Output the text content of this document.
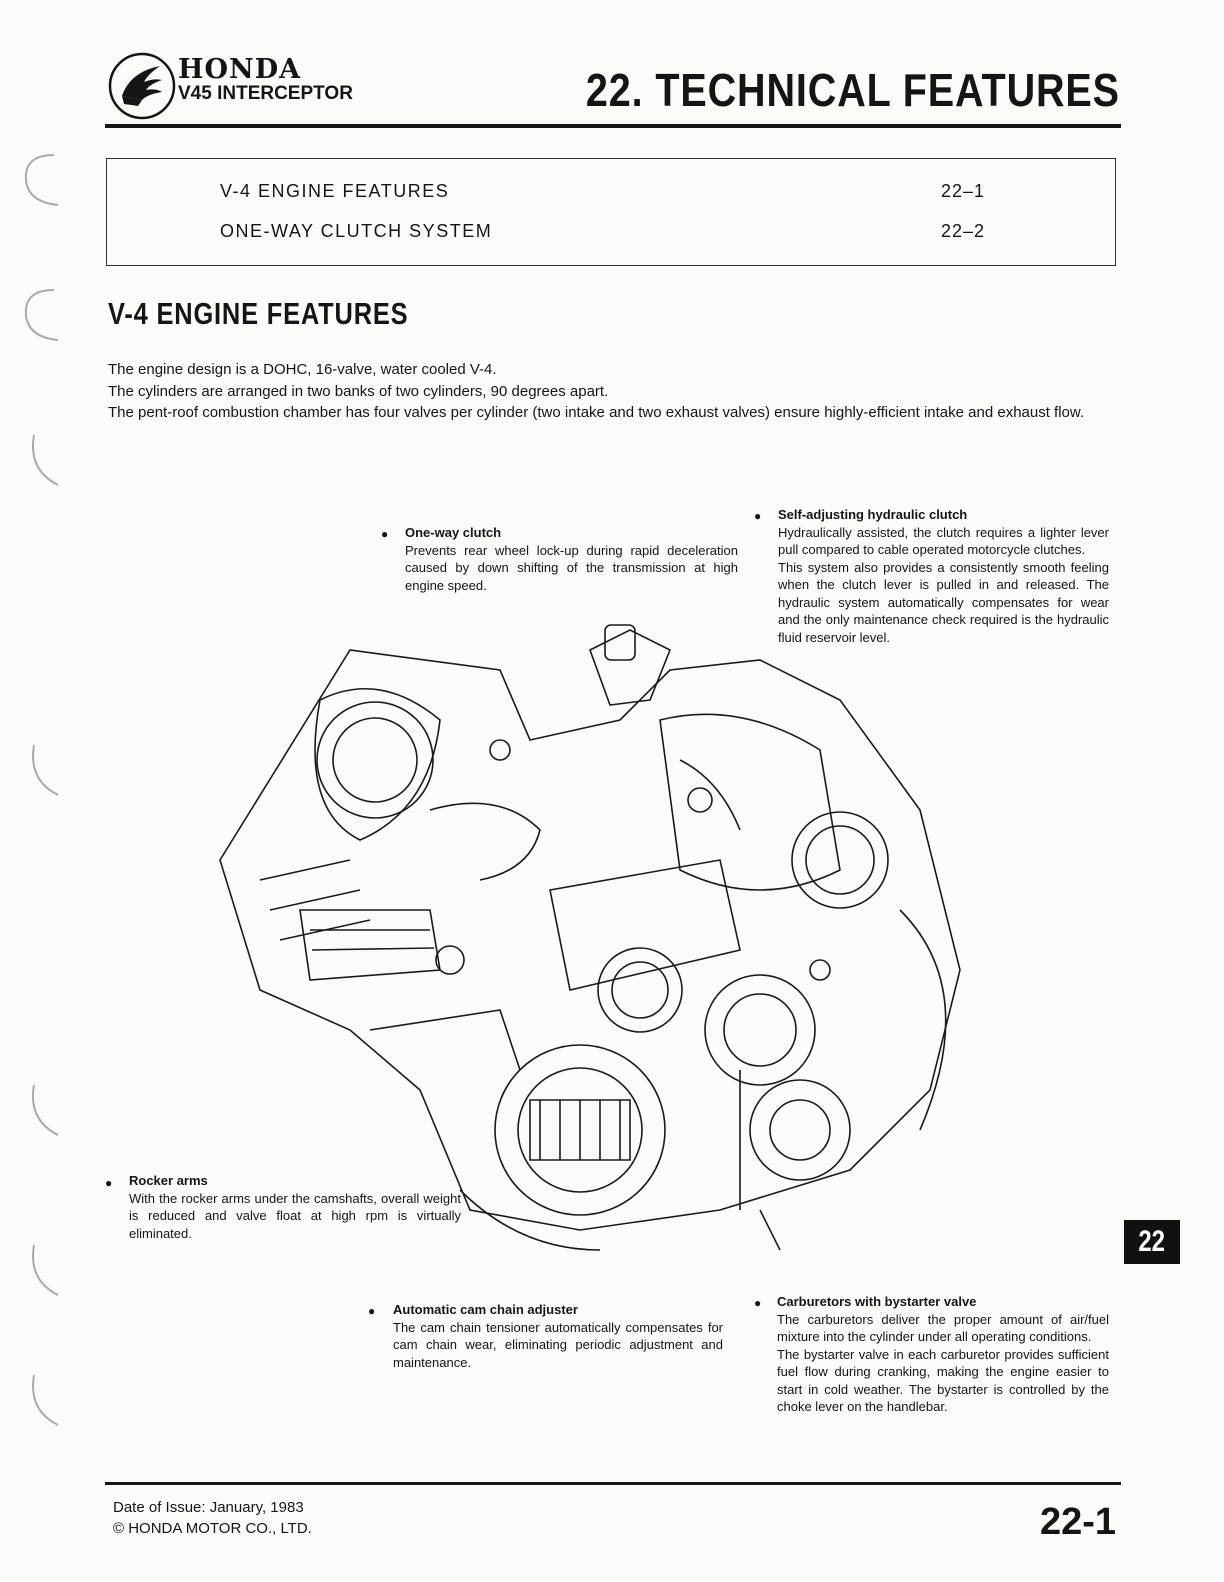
HONDA
V45 INTERCEPTOR	22. TECHNICAL FEATURES
V-4 ENGINE FEATURES	22–1
ONE-WAY CLUTCH SYSTEM	22–2
V-4 ENGINE FEATURES

The engine design is a DOHC, 16-valve, water cooled V-4.

The cylinders are arranged in two banks of two cylinders, 90 degrees apart.

The pent-roof combustion chamber has four valves per cylinder (two intake and two exhaust valves) ensure highly-efficient intake and exhaust flow.

● One-way clutch

Prevents rear wheel lock-up during rapid deceleration caused by down shifting of the transmission at high engine speed.

● Self-adjusting hydraulic clutch

Hydraulically assisted, the clutch requires a lighter lever pull compared to cable operated motorcycle clutches.

This system also provides a consistently smooth feeling when the clutch lever is pulled in and released. The hydraulic system automatically compensates for wear and the only maintenance check required is the hydraulic fluid reservoir level.

● Rocker arms

With the rocker arms under the camshafts, overall weight is reduced and valve float at high rpm is virtually eliminated.

● Automatic cam chain adjuster

The cam chain tensioner automatically compensates for cam chain wear, eliminating periodic adjustment and maintenance.

● Carburetors with bystarter valve

The carburetors deliver the proper amount of air/fuel mixture into the cylinder under all operating conditions.

The bystarter valve in each carburetor provides sufficient fuel flow during cranking, making the engine easier to start in cold weather. The bystarter is controlled by the choke lever on the handlebar.

22
Date of Issue: January, 1983
© HONDA MOTOR CO., LTD.	22-1
